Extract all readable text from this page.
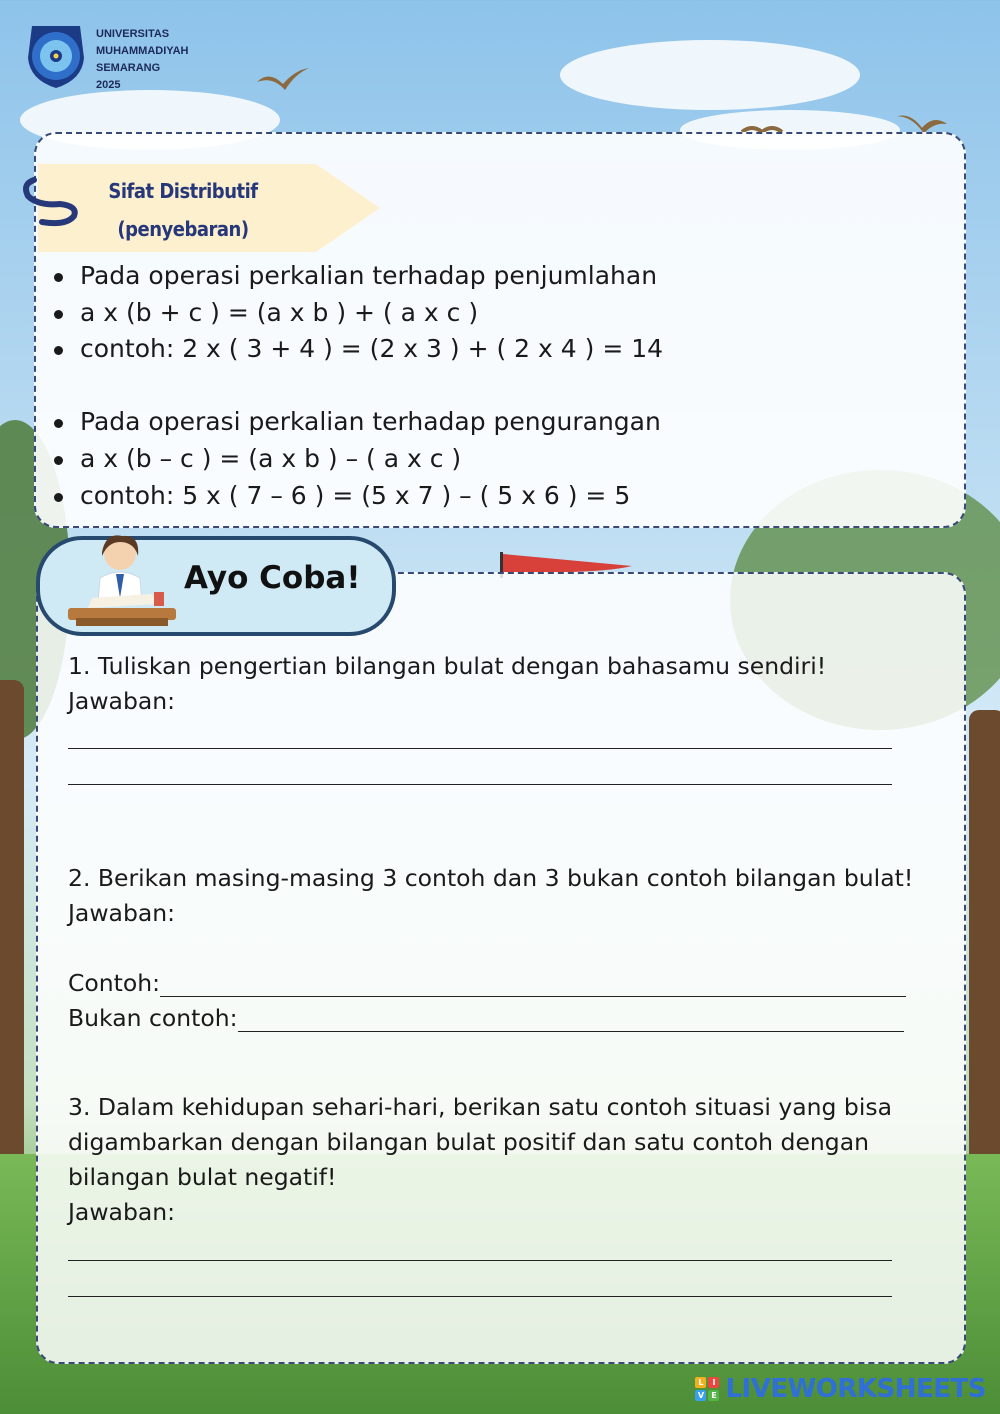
UNIVERSITAS
MUHAMMADIYAH
SEMARANG
2025
Sifat Distributif
(penyebaran)
Pada operasi perkalian terhadap penjumlahan
a x (b + c ) = (a x b ) + ( a x c )
contoh: 2 x ( 3 + 4 ) = (2 x 3 ) + ( 2 x 4 ) = 14
Pada operasi perkalian terhadap pengurangan
a x (b – c ) = (a x b ) – ( a x c )
contoh: 5 x ( 7 – 6 ) = (5 x 7 ) – ( 5 x 6 ) = 5
Ayo Coba!
1. Tuliskan pengertian bilangan bulat dengan bahasamu sendiri!
Jawaban:
2. Berikan masing-masing 3 contoh dan 3 bukan contoh bilangan bulat!
Jawaban:
Contoh:
Bukan contoh:
3. Dalam kehidupan sehari-hari, berikan satu contoh situasi yang bisa
digambarkan dengan bilangan bulat positif dan satu contoh dengan
bilangan bulat negatif!
Jawaban:
L	I
V E LIVEWORKSHEETS
